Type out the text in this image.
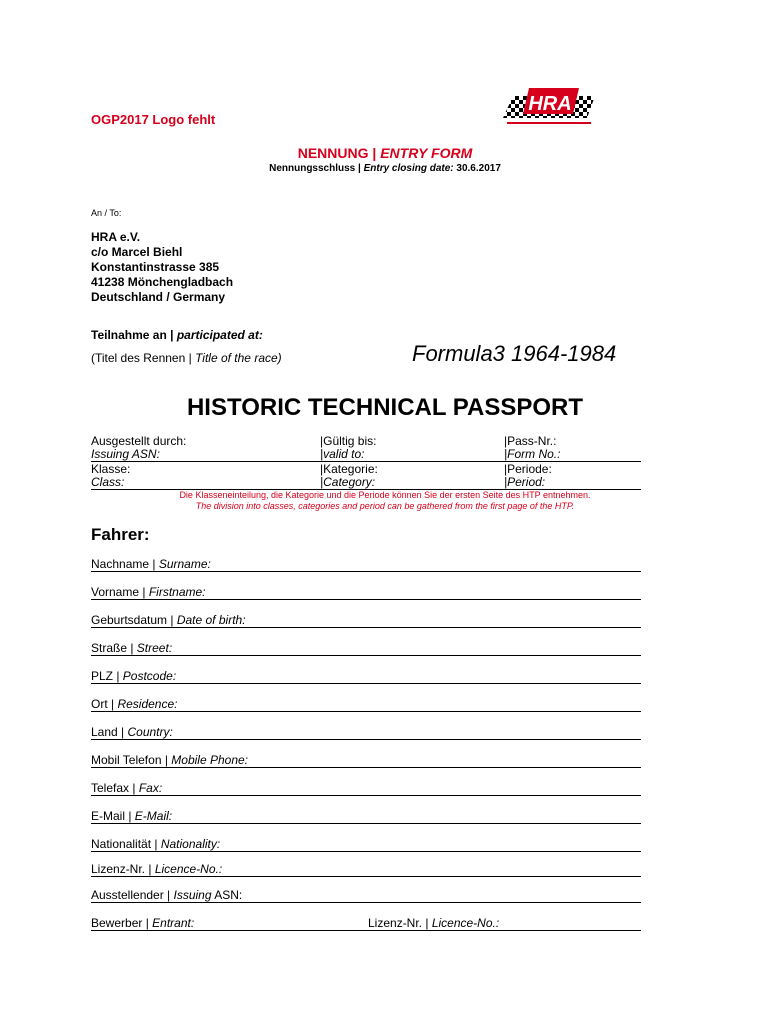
HRA
OGP2017 Logo fehlt
NENNUNG | ENTRY FORM
Nennungsschluss | Entry closing date: 30.6.2017
An / To:
HRA e.V.
c/o Marcel Biehl
Konstantinstrasse 385
41238 Mönchengladbach
Deutschland / Germany
Teilnahme an | participated at:
(Titel des Rennen | Title of the race)	Formula3 1964-1984
HISTORIC TECHNICAL PASSPORT
Ausgestellt durch:
Issuing ASN:
|Gültig bis:
|valid to:
|Pass-Nr.:
|Form No.:
Klasse:
Class:
|Kategorie:
|Category:
|Periode:
|Period:
Die Klasseneinteilung, die Kategorie und die Periode können Sie der ersten Seite des HTP entnehmen.
The division into classes, categories and period can be gathered from the first page of the HTP.
Fahrer:
Nachname | Surname:
Vorname | Firstname:
Geburtsdatum | Date of birth:
Straße | Street:
PLZ | Postcode:
Ort | Residence:
Land | Country:
Mobil Telefon | Mobile Phone:
Telefax | Fax:
E-Mail | E-Mail:
Nationalität | Nationality:
Lizenz-Nr. | Licence-No.:
Ausstellender | Issuing ASN:
Bewerber | Entrant:	Lizenz-Nr. | Licence-No.:
